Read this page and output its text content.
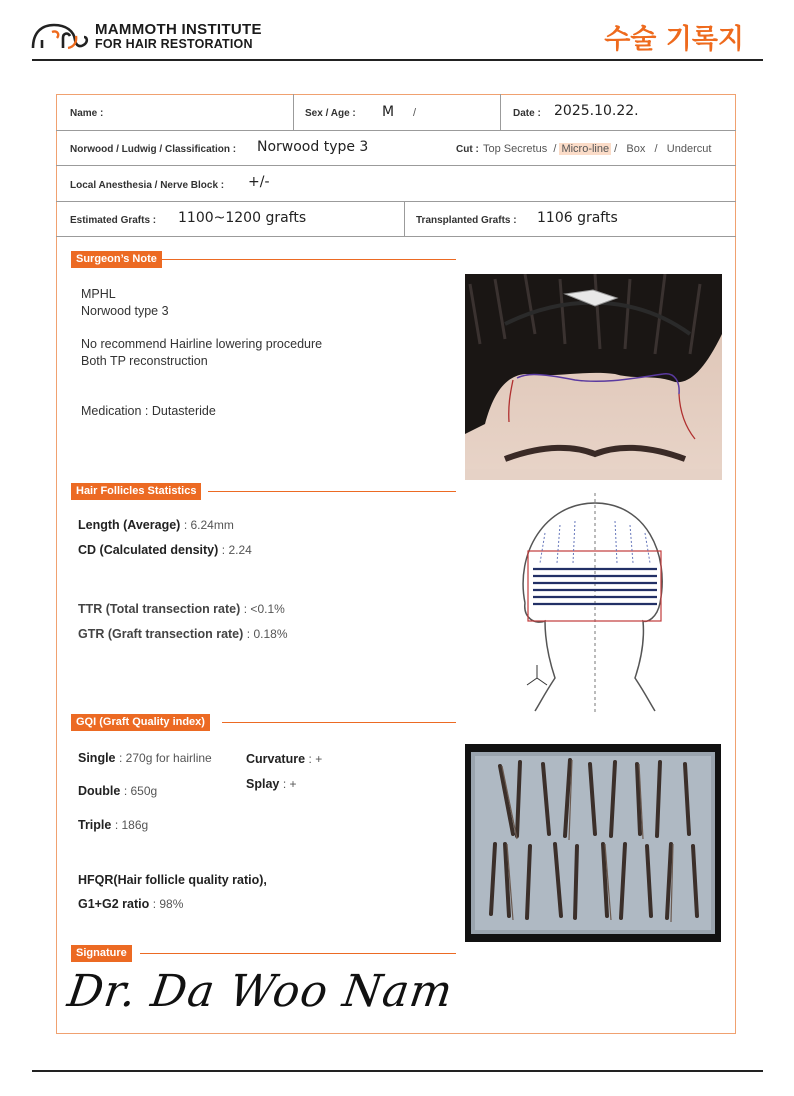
MAMMOTH INSTITUTE
FOR HAIR RESTORATION	수술 기록지
Name :	Sex / Age : M /	Date : 2025.10.22.
Norwood / Ludwig / Classification : Norwood type 3	Cut : Top Secretus  / Micro-line /   Box   /   Undercut
Local Anesthesia / Nerve Block : +/-
Estimated Grafts : 1100~1200 grafts	Transplanted Grafts : 1106 grafts
Surgeon’s Note
MPHL
Norwood type 3
No recommend Hairline lowering procedure
Both TP reconstruction
Medication : Dutasteride
Hair Follicles Statistics
Length (Average) : 6.24mm
CD (Calculated density) : 2.24
TTR (Total transection rate) : <0.1%
GTR (Graft transection rate) : 0.18%
GQI (Graft Quality index)
Single : 270g for hairline
Double : 650g
Triple : 186g
Curvature : +
Splay : +
HFQR(Hair follicle quality ratio),
G1+G2 ratio : 98%
Signature
Dr. Da Woo Nam
